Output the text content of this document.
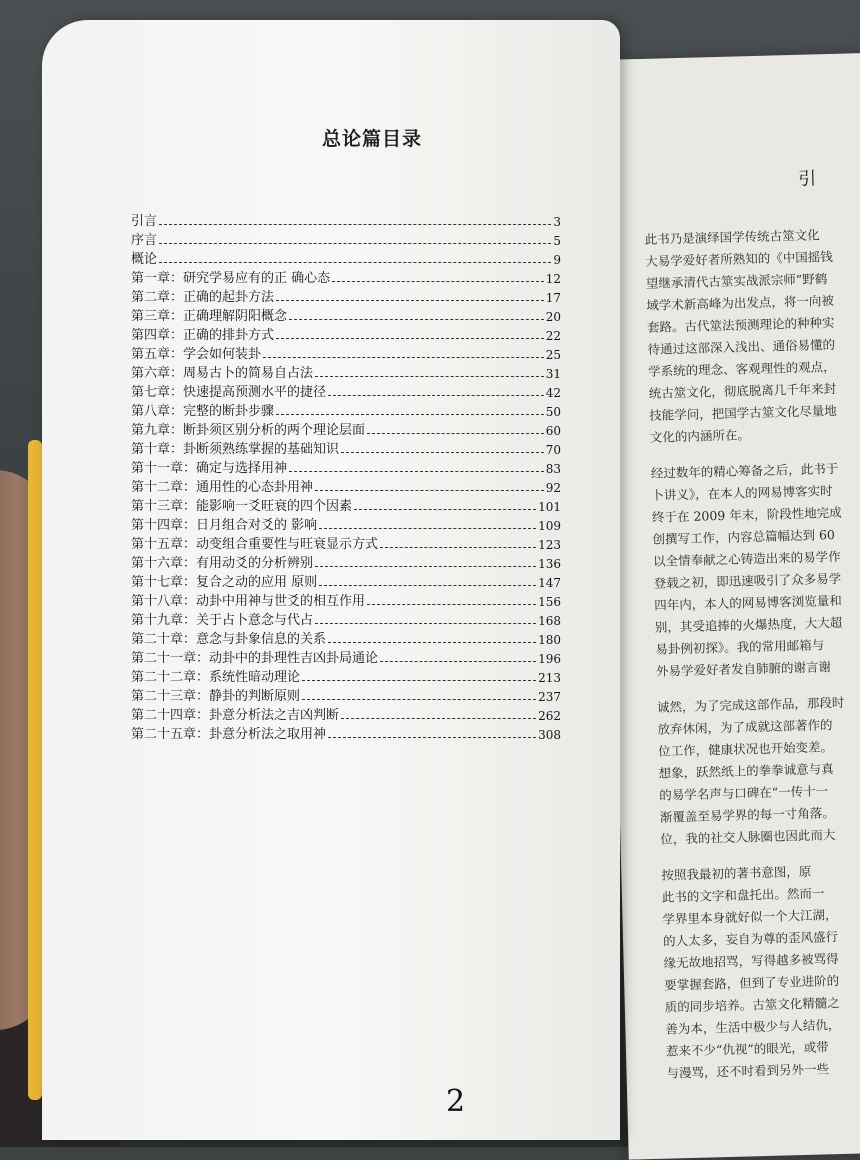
引
此书乃是演绎国学传统古筮文化
大易学爱好者所熟知的《中国摇钱
望继承清代古筮实战派宗师“野鹤
域学术新高峰为出发点，将一向被
套路。古代筮法预测理论的种种实
待通过这部深入浅出、通俗易懂的
学系统的理念、客观理性的观点，
统古筮文化，彻底脱离几千年来封
技能学问，把国学古筮文化尽量地
文化的内涵所在。
经过数年的精心筹备之后，此书于
卜讲义》，在本人的网易博客实时
终于在 2009 年末，阶段性地完成
创撰写工作，内容总篇幅达到 60
以全情奉献之心铸造出来的易学作
登载之初，即迅速吸引了众多易学
四年内，本人的网易博客浏览量和
别，其受追捧的火爆热度，大大超
易卦例初探》。我的常用邮箱与
外易学爱好者发自肺腑的谢言谢
诚然，为了完成这部作品，那段时
放弃休闲，为了成就这部著作的
位工作，健康状况也开始变差。
想象，跃然纸上的拳拳诚意与真
的易学名声与口碑在“一传十一
渐覆盖至易学界的每一寸角落。
位，我的社交人脉圈也因此而大
按照我最初的著书意图，原
此书的文字和盘托出。然而一
学界里本身就好似一个大江湖，
的人太多，妄自为尊的歪风盛行
缘无故地招骂，写得越多被骂得
要掌握套路，但到了专业进阶的
质的同步培养。古筮文化精髓之
善为本，生活中极少与人结仇，
惹来不少“仇视”的眼光，或带
与漫骂，还不时看到另外一些
总论篇目录
2
引言	3
序言	5
概论	9
第一章：研究学易应有的正 确心态	12
第二章：正确的起卦方法	17
第三章：正确理解阴阳概念	20
第四章：正确的排卦方式	22
第五章：学会如何装卦	25
第六章：周易古卜的简易自占法	31
第七章：快速提高预测水平的捷径	42
第八章：完整的断卦步骤	50
第九章：断卦须区别分析的两个理论层面	60
第十章：卦断须熟练掌握的基础知识	70
第十一章：确定与选择用神	83
第十二章：通用性的心态卦用神	92
第十三章：能影响一爻旺衰的四个因素	101
第十四章：日月组合对爻的 影响	109
第十五章：动变组合重要性与旺衰显示方式	123
第十六章：有用动爻的分析辨别	136
第十七章：复合之动的应用 原则	147
第十八章：动卦中用神与世爻的相互作用	156
第十九章：关于占卜意念与代占	168
第二十章：意念与卦象信息的关系	180
第二十一章：动卦中的卦理性吉凶卦局通论	196
第二十二章：系统性暗动理论	213
第二十三章：静卦的判断原则	237
第二十四章：卦意分析法之吉凶判断	262
第二十五章：卦意分析法之取用神	308
